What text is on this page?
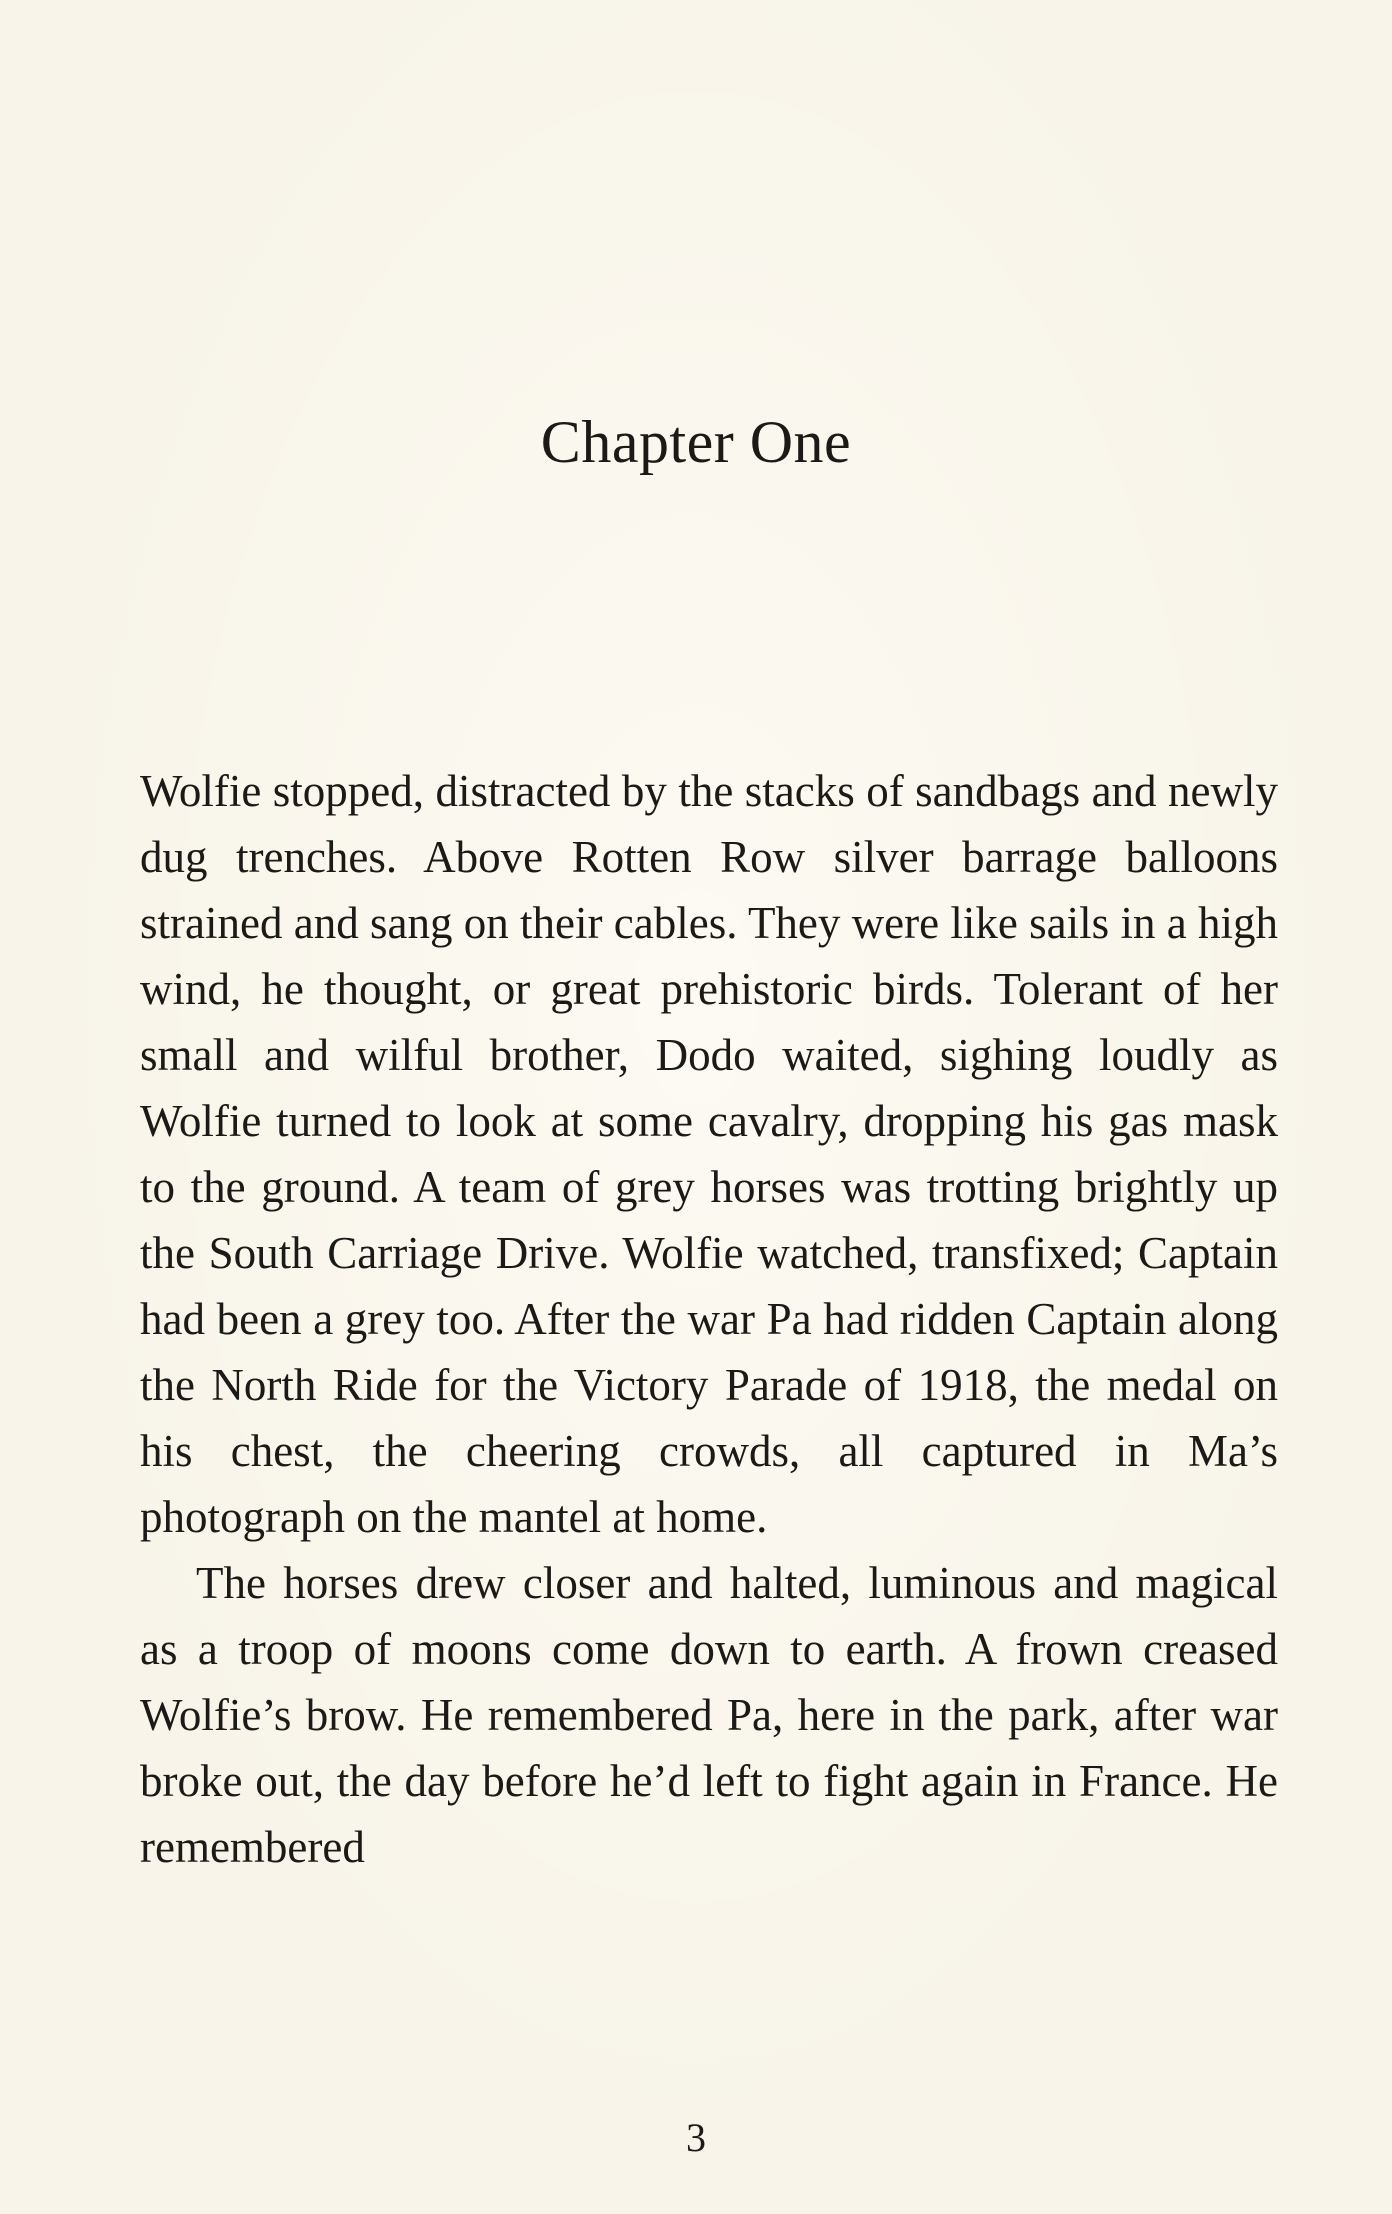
Chapter One

Wolfie stopped, distracted by the stacks of sandbags and newly dug trenches. Above Rotten Row silver barrage balloons strained and sang on their cables. They were like sails in a high wind, he thought, or great prehistoric birds. Tolerant of her small and wilful brother, Dodo waited, sighing loudly as Wolfie turned to look at some cavalry, dropping his gas mask to the ground. A team of grey horses was trotting brightly up the South Carriage Drive. Wolfie watched, transfixed; Captain had been a grey too. After the war Pa had ridden Captain along the North Ride for the Victory Parade of 1918, the medal on his chest, the cheering crowds, all captured in Ma’s photograph on the mantel at home.

The horses drew closer and halted, luminous and magical as a troop of moons come down to earth. A frown creased Wolfie’s brow. He remembered Pa, here in the park, after war broke out, the day before he’d left to fight again in France. He remembered

3
